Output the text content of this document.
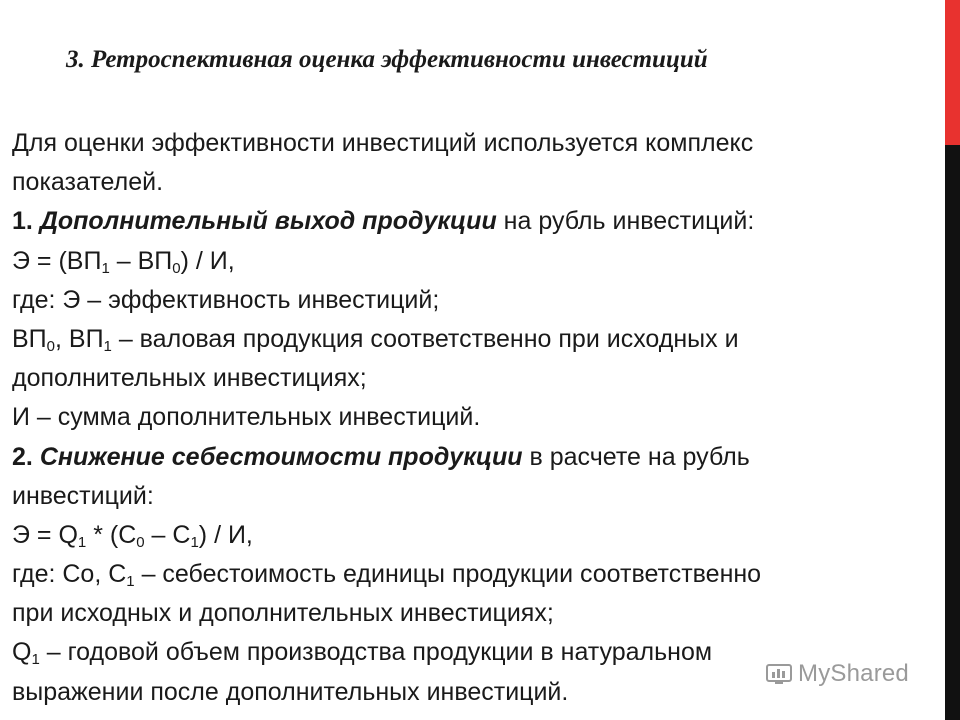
3. Ретроспективная оценка эффективности инвестиций
Для оценки эффективности инвестиций используется комплекс
показателей.
1. Дополнительный выход продукции на рубль инвестиций:
$Э = (ВП_1 - ВП_0) / И$,
где: Э – эффективность инвестиций;
$ВП_0$, $ВП_1$ – валовая продукция соответственно при исходных и
дополнительных инвестициях;
И – сумма дополнительных инвестиций.
2. Снижение себестоимости продукции в расчете на рубль
инвестиций:
$Э = Q_1 * (С_0 - С_1) / И$,
где: Со, $С_1$ – себестоимость единицы продукции соответственно
при исходных и дополнительных инвестициях;
$Q_1$ – годовой объем производства продукции в натуральном
выражении после дополнительных инвестиций.
MyShared
